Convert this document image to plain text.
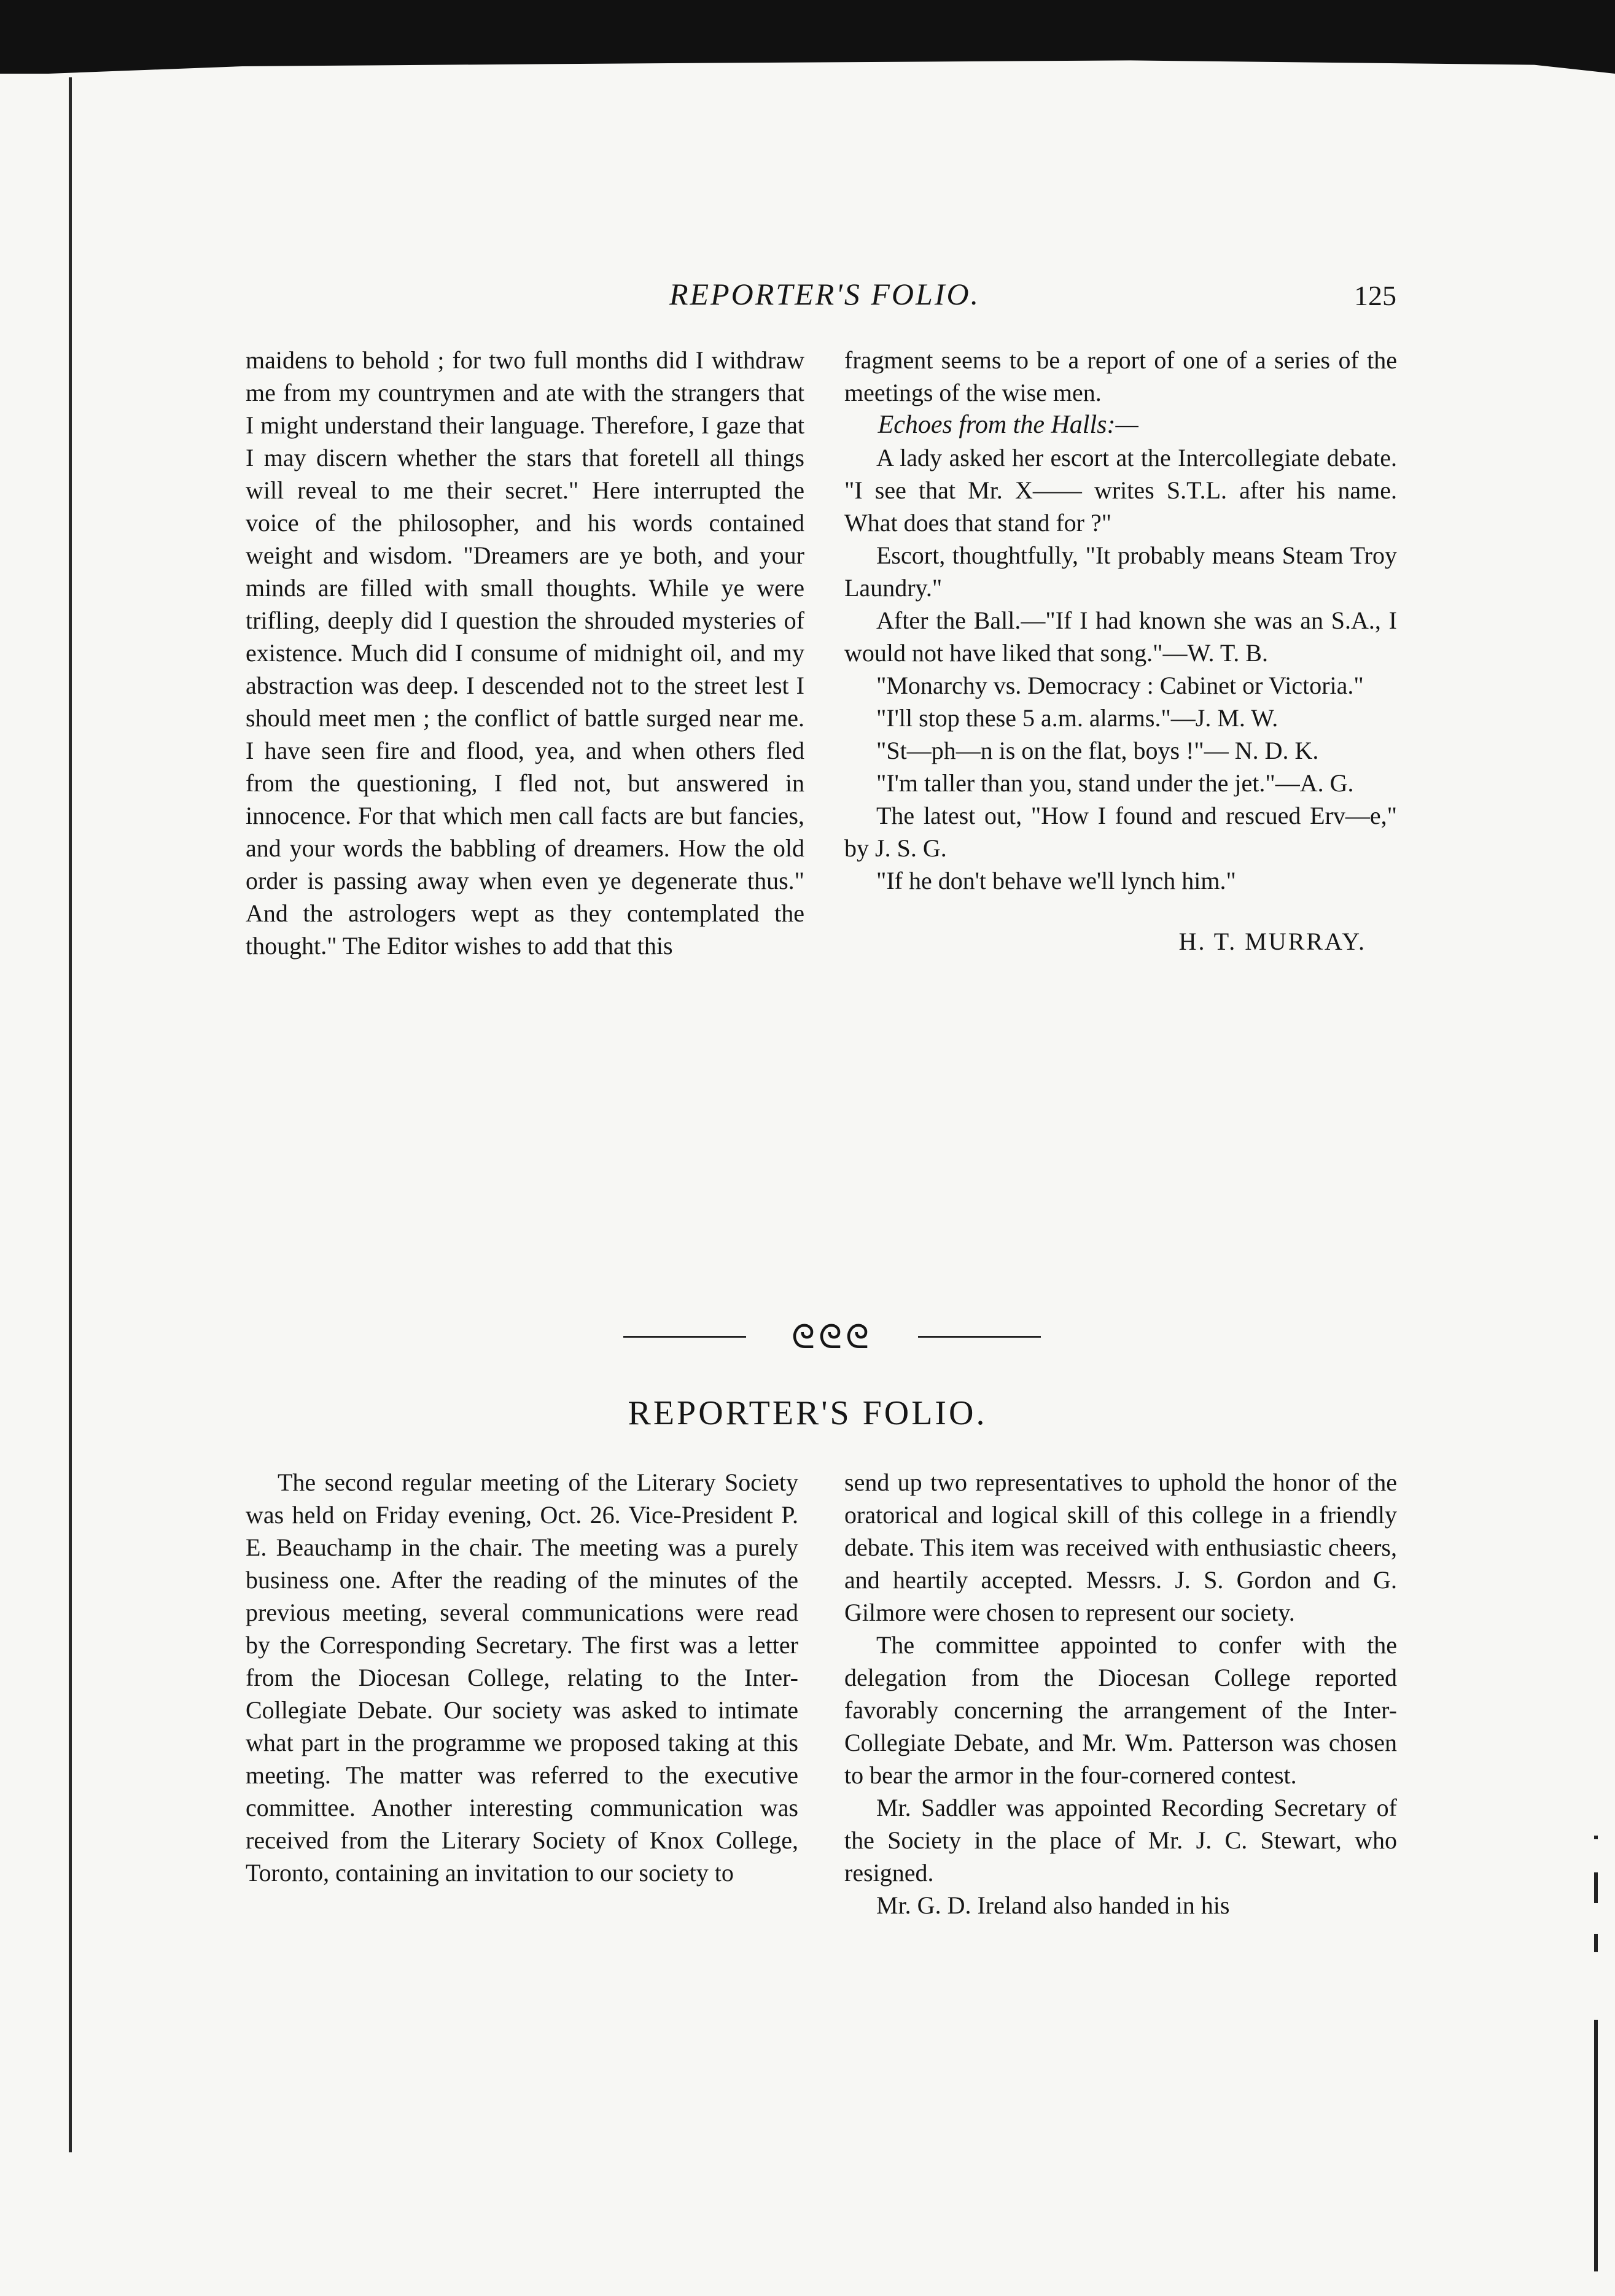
REPORTER'S FOLIO.	125

maidens to behold ; for two full months did I withdraw me from my countrymen and ate with the strangers that I might understand their language. Therefore, I gaze that I may discern whether the stars that foretell all things will reveal to me their secret." Here interrupted the voice of the philosopher, and his words contained weight and wisdom. "Dreamers are ye both, and your minds are filled with small thoughts. While ye were trifling, deeply did I question the shrouded mysteries of existence. Much did I consume of midnight oil, and my abstraction was deep. I descended not to the street lest I should meet men ; the conflict of battle surged near me. I have seen fire and flood, yea, and when others fled from the questioning, I fled not, but answered in innocence. For that which men call facts are but fancies, and your words the babbling of dreamers. How the old order is passing away when even ye degenerate thus." And the astrologers wept as they contemplated the thought." The Editor wishes to add that this

fragment seems to be a report of one of a series of the meetings of the wise men.

Echoes from the Halls:—

A lady asked her escort at the Intercollegiate debate. "I see that Mr. X—— writes S.T.L. after his name. What does that stand for ?"

Escort, thoughtfully, "It probably means Steam Troy Laundry."

After the Ball.—"If I had known she was an S.A., I would not have liked that song."—W. T. B.

"Monarchy vs. Democracy : Cabinet or Victoria."

"I'll stop these 5 a.m. alarms."—J. M. W.

"St—ph—n is on the flat, boys !"— N. D. K.

"I'm taller than you, stand under the jet."—A. G.

The latest out, "How I found and rescued Erv—e," by J. S. G.

"If he don't behave we'll lynch him."

H. T. MURRAY.
ᘓᘓᘓ
REPORTER'S FOLIO.

The second regular meeting of the Literary Society was held on Friday evening, Oct. 26. Vice-President P. E. Beauchamp in the chair. The meeting was a purely business one. After the reading of the minutes of the previous meeting, several communications were read by the Corresponding Secretary. The first was a letter from the Diocesan College, relating to the Inter-Collegiate Debate. Our society was asked to intimate what part in the programme we proposed taking at this meeting. The matter was referred to the executive committee. Another interesting communication was received from the Literary Society of Knox College, Toronto, containing an invitation to our society to

send up two representatives to uphold the honor of the oratorical and logical skill of this college in a friendly debate. This item was received with enthusiastic cheers, and heartily accepted. Messrs. J. S. Gordon and G. Gilmore were chosen to represent our society.

The committee appointed to confer with the delegation from the Diocesan College reported favorably concerning the arrangement of the Inter-Collegiate Debate, and Mr. Wm. Patterson was chosen to bear the armor in the four-cornered contest.

Mr. Saddler was appointed Recording Secretary of the Society in the place of Mr. J. C. Stewart, who resigned.

Mr. G. D. Ireland also handed in his
